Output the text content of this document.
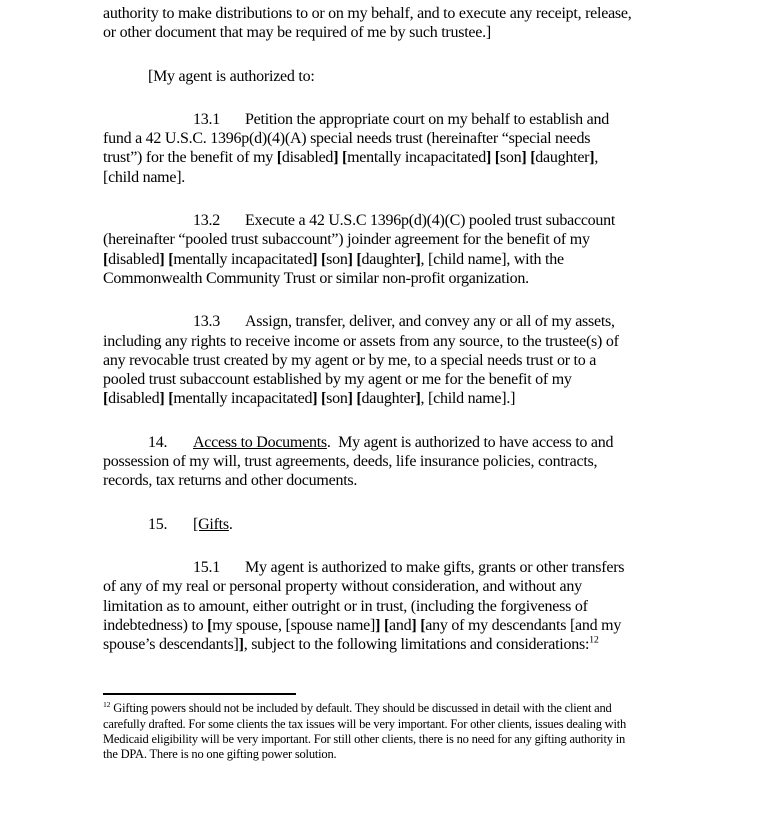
authority to make distributions to or on my behalf, and to execute any receipt, release, or other document that may be required of me by such trustee.]

[My agent is authorized to:

13.1 Petition the appropriate court on my behalf to establish and fund a 42 U.S.C. 1396p(d)(4)(A) special needs trust (hereinafter “special needs trust”) for the benefit of my [disabled] [mentally incapacitated] [son] [daughter], [child name].

13.2 Execute a 42 U.S.C 1396p(d)(4)(C) pooled trust subaccount (hereinafter “pooled trust subaccount”) joinder agreement for the benefit of my [disabled] [mentally incapacitated] [son] [daughter], [child name], with the Commonwealth Community Trust or similar non-profit organization.

13.3 Assign, transfer, deliver, and convey any or all of my assets, including any rights to receive income or assets from any source, to the trustee(s) of any revocable trust created by my agent or by me, to a special needs trust or to a pooled trust subaccount established by my agent or me for the benefit of my [disabled] [mentally incapacitated] [son] [daughter], [child name].]

14. Access to Documents.  My agent is authorized to have access to and possession of my will, trust agreements, deeds, life insurance policies, contracts, records, tax returns and other documents.

15. [Gifts.

15.1 My agent is authorized to make gifts, grants or other transfers of any of my real or personal property without consideration, and without any limitation as to amount, either outright or in trust, (including the forgiveness of indebtedness) to [my spouse, [spouse name]] [and] [any of my descendants [and my spouse’s descendants]], subject to the following limitations and considerations:$^{12}$

$^{12}$ Gifting powers should not be included by default. They should be discussed in detail with the client and carefully drafted. For some clients the tax issues will be very important. For other clients, issues dealing with Medicaid eligibility will be very important. For still other clients, there is no need for any gifting authority in the DPA. There is no one gifting power solution.
